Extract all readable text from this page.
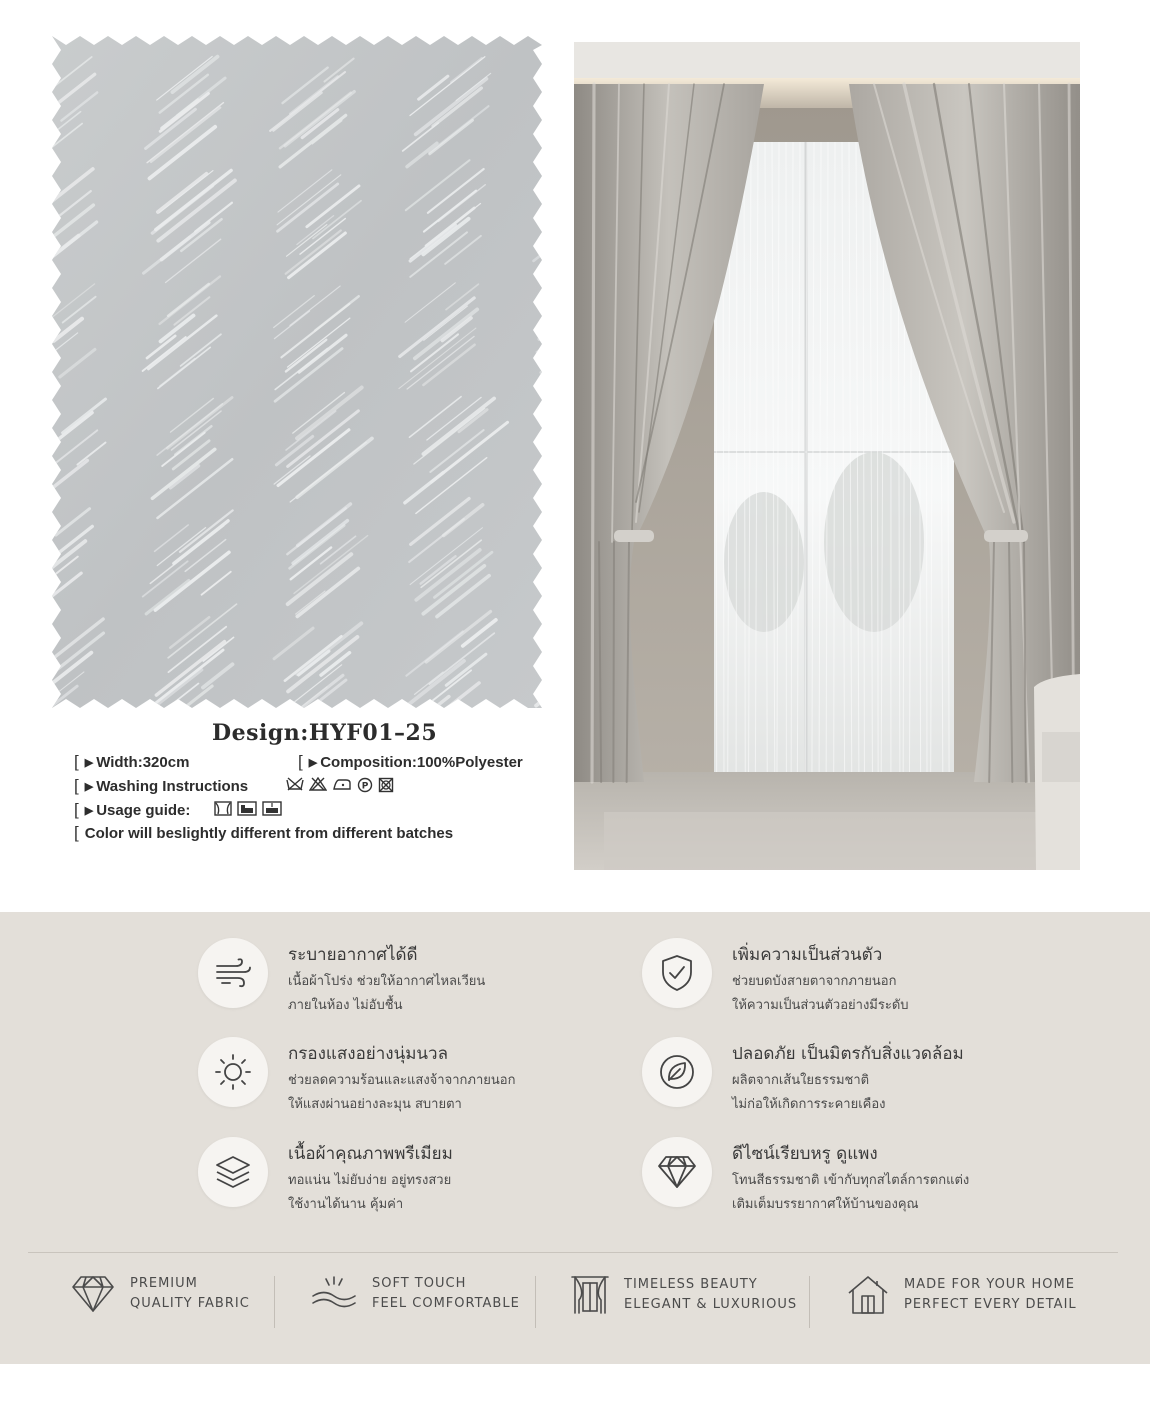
Design:HYF01–25
[ ▶ Width:320cm	[ ▶ Composition:100%Polyester
[ ▶ Washing Instructions	P
[ ▶ Usage guide:
[ Color will beslightly different from different batches
ระบายอากาศได้ดี
เนื้อผ้าโปร่ง ช่วยให้อากาศไหลเวียน
ภายในห้อง ไม่อับชื้น
เพิ่มความเป็นส่วนตัว
ช่วยบดบังสายตาจากภายนอก
ให้ความเป็นส่วนตัวอย่างมีระดับ
กรองแสงอย่างนุ่มนวล
ช่วยลดความร้อนและแสงจ้าจากภายนอก
ให้แสงผ่านอย่างละมุน สบายตา
ปลอดภัย เป็นมิตรกับสิ่งแวดล้อม
ผลิตจากเส้นใยธรรมชาติ
ไม่ก่อให้เกิดการระคายเคือง
เนื้อผ้าคุณภาพพรีเมียม
ทอแน่น ไม่ยับง่าย อยู่ทรงสวย
ใช้งานได้นาน คุ้มค่า
ดีไซน์เรียบหรู ดูแพง
โทนสีธรรมชาติ เข้ากับทุกสไตล์การตกแต่ง
เติมเต็มบรรยากาศให้บ้านของคุณ
PREMIUM
QUALITY FABRIC
SOFT TOUCH
FEEL COMFORTABLE
TIMELESS BEAUTY
ELEGANT & LUXURIOUS
MADE FOR YOUR HOME
PERFECT EVERY DETAIL
